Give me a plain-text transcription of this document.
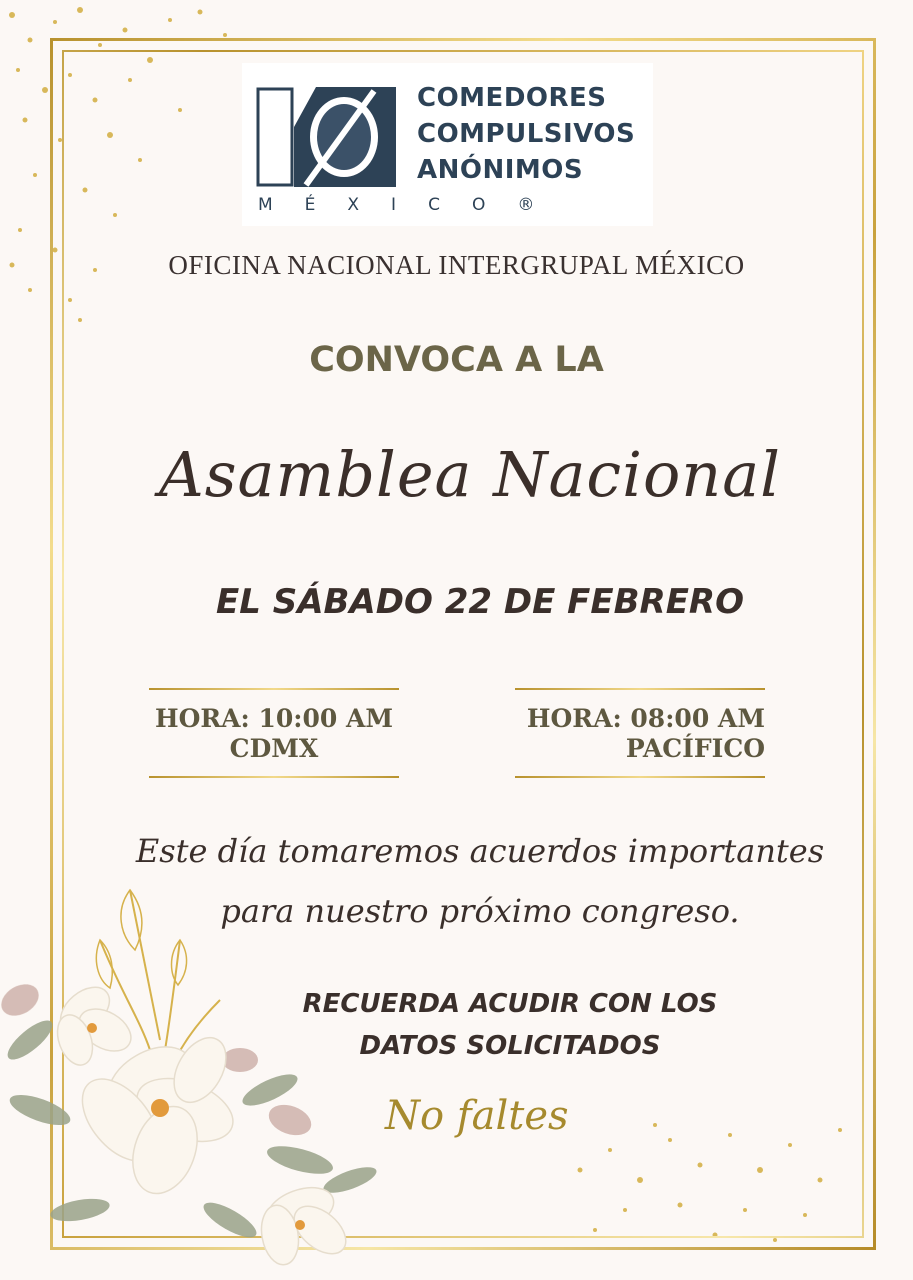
COMEDORES
COMPULSIVOS
ANÓNIMOS
MÉXICO®
OFICINA NACIONAL INTERGRUPAL MÉXICO
CONVOCA A LA
Asamblea Nacional
EL SÁBADO 22 DE FEBRERO
HORA: 10:00 AM
CDMX
HORA: 08:00 AM
PACÍFICO
Este día tomaremos acuerdos importantes
para nuestro próximo congreso.
RECUERDA ACUDIR CON LOS
DATOS SOLICITADOS
No faltes
